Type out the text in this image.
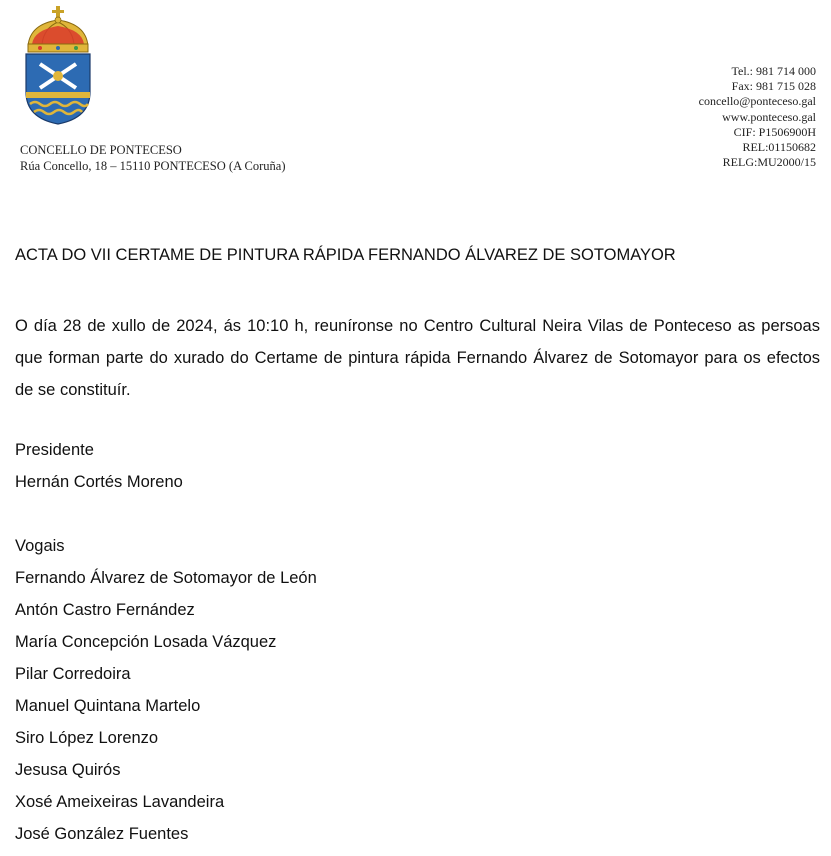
CONCELLO DE PONTECESO
Rúa Concello, 18 – 15110 PONTECESO (A Coruña)
Tel.: 981 714 000
Fax: 981 715 028
concello@ponteceso.gal
www.ponteceso.gal
CIF: P1506900H
REL:01150682
RELG:MU2000/15
ACTA DO VII CERTAME DE PINTURA RÁPIDA FERNANDO ÁLVAREZ DE SOTOMAYOR
O día 28 de xullo de 2024, ás 10:10 h, reuníronse no Centro Cultural Neira Vilas de Ponteceso as persoas que forman parte do xurado do Certame de pintura rápida Fernando Álvarez de Sotomayor para os efectos de se constituír.
Presidente
Hernán Cortés Moreno
Vogais
Fernando Álvarez de Sotomayor de León
Antón Castro Fernández
María Concepción Losada Vázquez
Pilar Corredoira
Manuel Quintana Martelo
Siro López Lorenzo
Jesusa Quirós
Xosé Ameixeiras Lavandeira
José González Fuentes
